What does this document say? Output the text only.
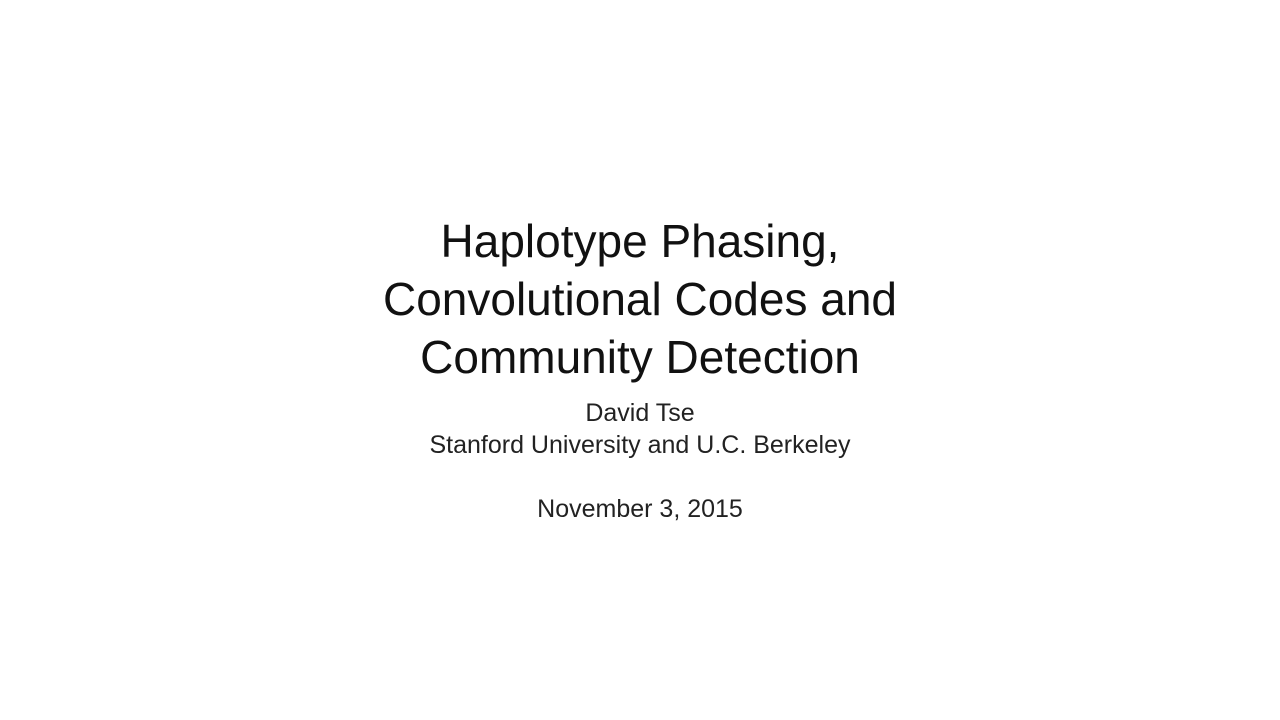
Haplotype Phasing,
Convolutional Codes and
Community Detection
David Tse
Stanford University and U.C. Berkeley
November 3, 2015
